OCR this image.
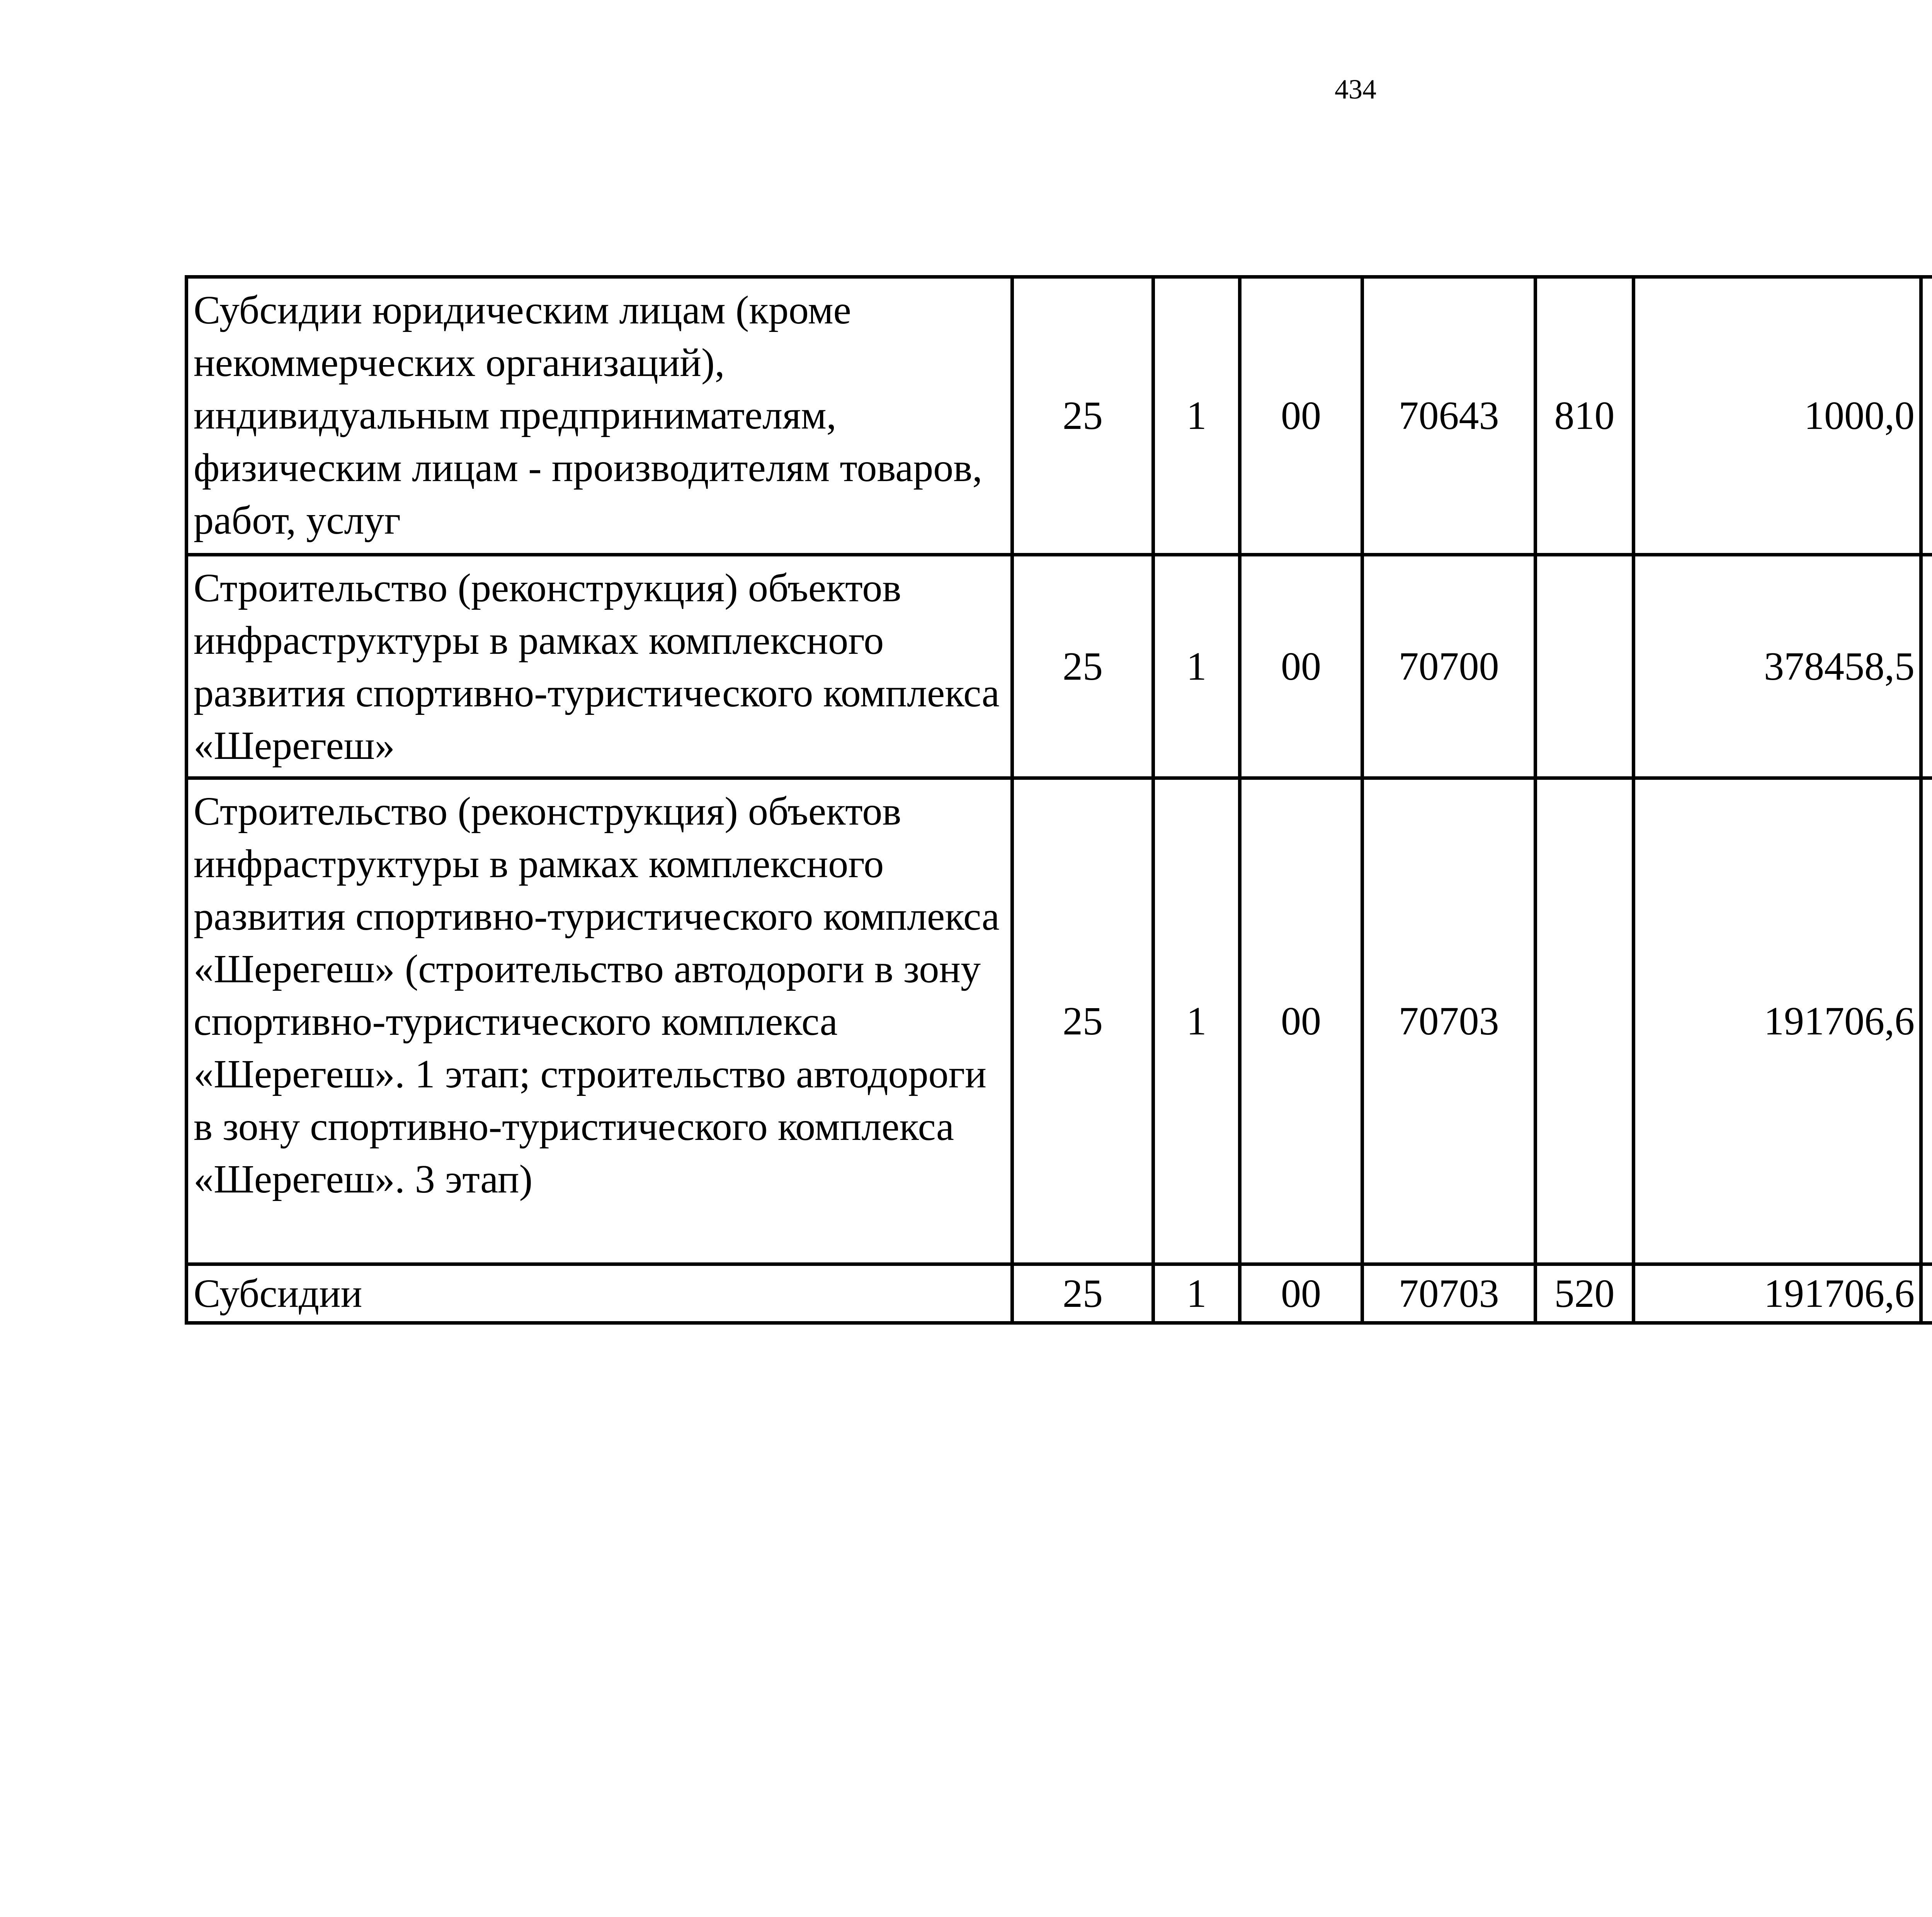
434
Субсидии юридическим лицам (кроме некоммерческих организаций), индивидуальным предпринимателям, физическим лицам - производителям товаров, работ, услуг	25	1	00	70643	810	1000,0		
Строительство (реконструкция) объектов инфраструктуры в рамках комплексного развития спортивно-туристического комплекса «Шерегеш»	25	1	00	70700		378458,5		
Строительство (реконструкция) объектов инфраструктуры в рамках комплексного развития спортивно-туристического комплекса «Шерегеш» (строительство автодороги в зону спортивно-туристического комплекса «Шерегеш». 1 этап; строительство автодороги в зону спортивно-туристического комплекса «Шерегеш». 3 этап)	25	1	00	70703		191706,6		
Субсидии	25	1	00	70703	520	191706,6		
